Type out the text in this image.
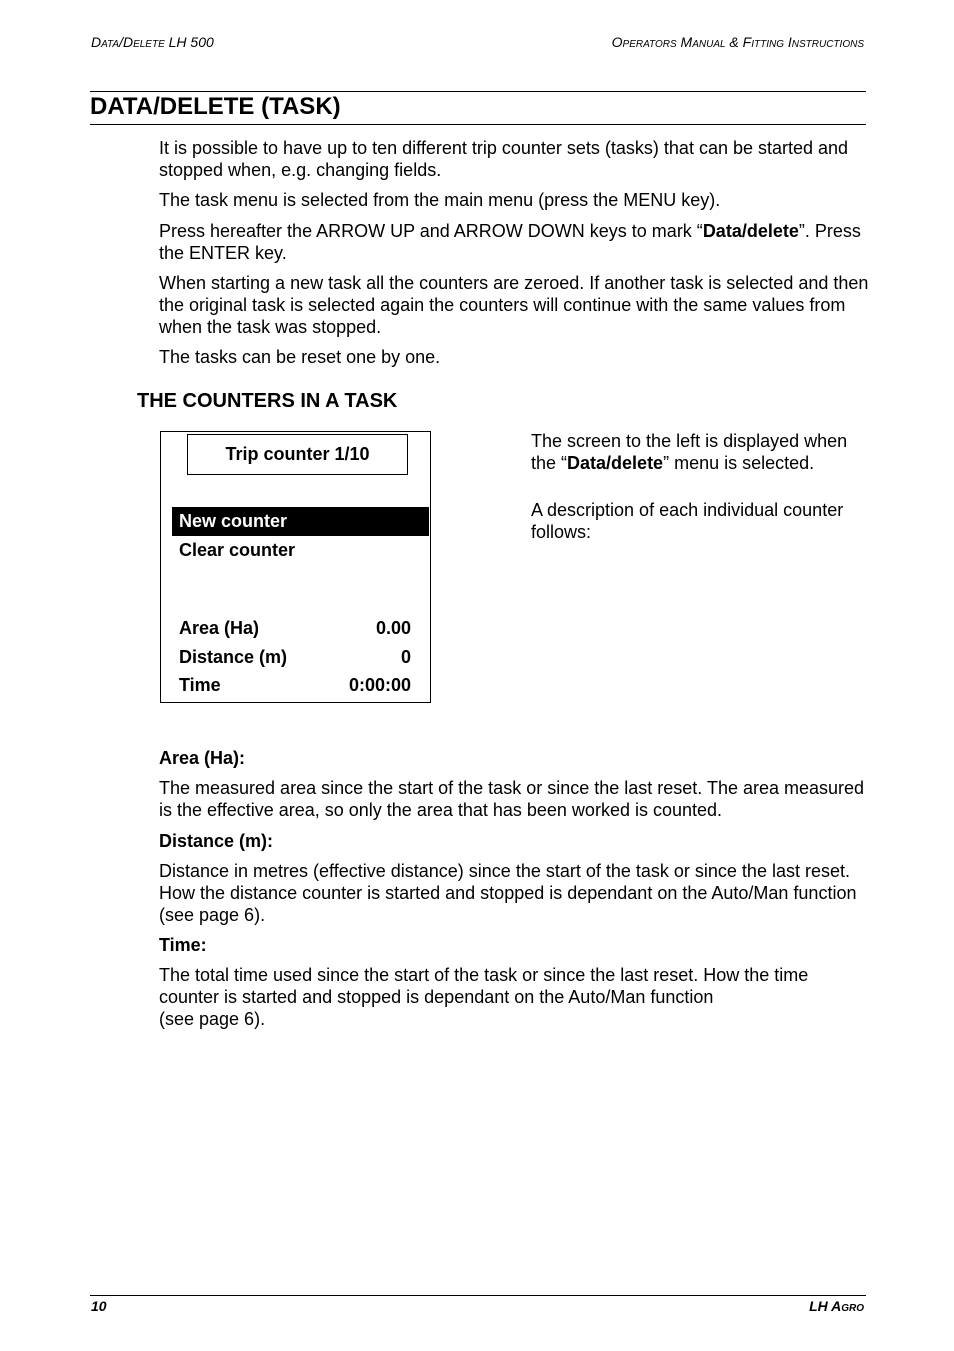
Data/Delete LH 500	Operators Manual & Fitting Instructions
DATA/DELETE (TASK)
It is possible to have up to ten different trip counter sets (tasks) that can be started and stopped when, e.g. changing fields.
The task menu is selected from the main menu (press the MENU key).
Press hereafter the ARROW UP and ARROW DOWN keys to mark “Data/delete”. Press the ENTER key.
When starting a new task all the counters are zeroed. If another task is selected and then the original task is selected again the counters will continue with the same values from when the task was stopped.
The tasks can be reset one by one.
THE COUNTERS IN A TASK
Trip counter 1/10
New counter
Clear counter
Area (Ha)	0.00
Distance (m)	0
Time	0:00:00
The screen to the left is displayed when the “Data/delete” menu is selected.
A description of each individual counter follows:
Area (Ha):
The measured area since the start of the task or since the last reset. The area measured is the effective area, so only the area that has been worked is counted.
Distance (m):
Distance in metres (effective distance) since the start of the task or since the last reset. How the distance counter is started and stopped is dependant on the Auto/Man function (see page 6).
Time:
The total time used since the start of the task or since the last reset. How the time counter is started and stopped is dependant on the Auto/Man function
(see page 6).
10	LH Agro
